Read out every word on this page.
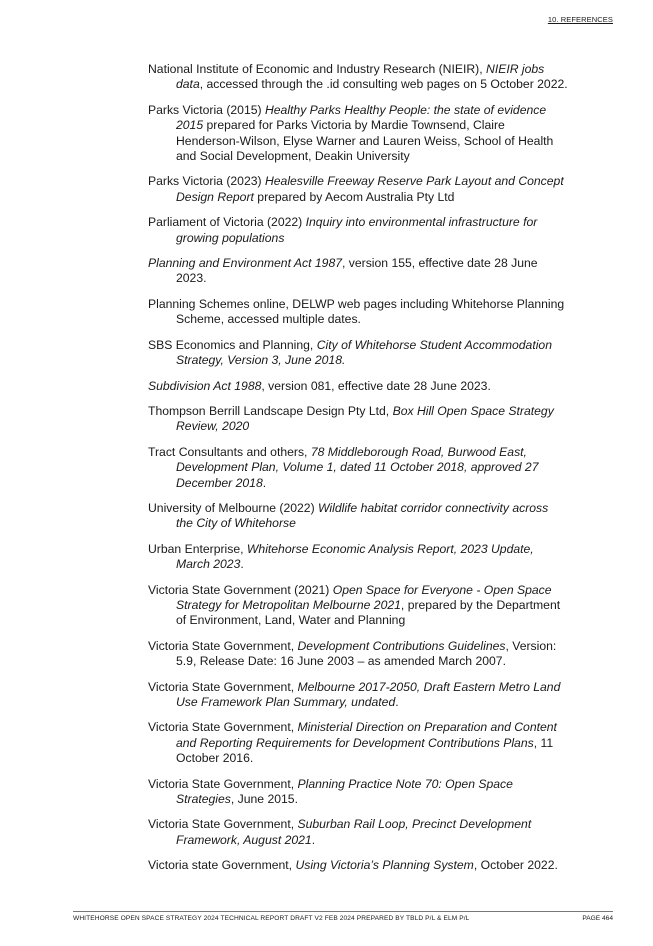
10. REFERENCES

National Institute of Economic and Industry Research (NIEIR), NIEIR jobs data, accessed through the .id consulting web pages on 5 October 2022.

Parks Victoria (2015) Healthy Parks Healthy People: the state of evidence 2015 prepared for Parks Victoria by Mardie Townsend, Claire Henderson-Wilson, Elyse Warner and Lauren Weiss, School of Health and Social Development, Deakin University

Parks Victoria (2023) Healesville Freeway Reserve Park Layout and Concept Design Report prepared by Aecom Australia Pty Ltd

Parliament of Victoria (2022) Inquiry into environmental infrastructure for growing populations

Planning and Environment Act 1987, version 155, effective date 28 June 2023.

Planning Schemes online, DELWP web pages including Whitehorse Planning Scheme, accessed multiple dates.

SBS Economics and Planning, City of Whitehorse Student Accommodation Strategy, Version 3, June 2018.

Subdivision Act 1988, version 081, effective date 28 June 2023.

Thompson Berrill Landscape Design Pty Ltd, Box Hill Open Space Strategy Review, 2020

Tract Consultants and others, 78 Middleborough Road, Burwood East, Development Plan, Volume 1, dated 11 October 2018, approved 27 December 2018.

University of Melbourne (2022) Wildlife habitat corridor connectivity across the City of Whitehorse

Urban Enterprise, Whitehorse Economic Analysis Report, 2023 Update, March 2023.

Victoria State Government (2021) Open Space for Everyone - Open Space Strategy for Metropolitan Melbourne 2021, prepared by the Department of Environment, Land, Water and Planning

Victoria State Government, Development Contributions Guidelines, Version: 5.9, Release Date: 16 June 2003 – as amended March 2007.

Victoria State Government, Melbourne 2017-2050, Draft Eastern Metro Land Use Framework Plan Summary, undated.

Victoria State Government, Ministerial Direction on Preparation and Content and Reporting Requirements for Development Contributions Plans, 11 October 2016.

Victoria State Government, Planning Practice Note 70: Open Space Strategies, June 2015.

Victoria State Government, Suburban Rail Loop, Precinct Development Framework, August 2021.

Victoria state Government, Using Victoria’s Planning System, October 2022.

WHITEHORSE OPEN SPACE STRATEGY 2024 TECHNICAL REPORT DRAFT V2 FEB 2024 PREPARED BY TBLD P/L & ELM P/L	PAGE 464
